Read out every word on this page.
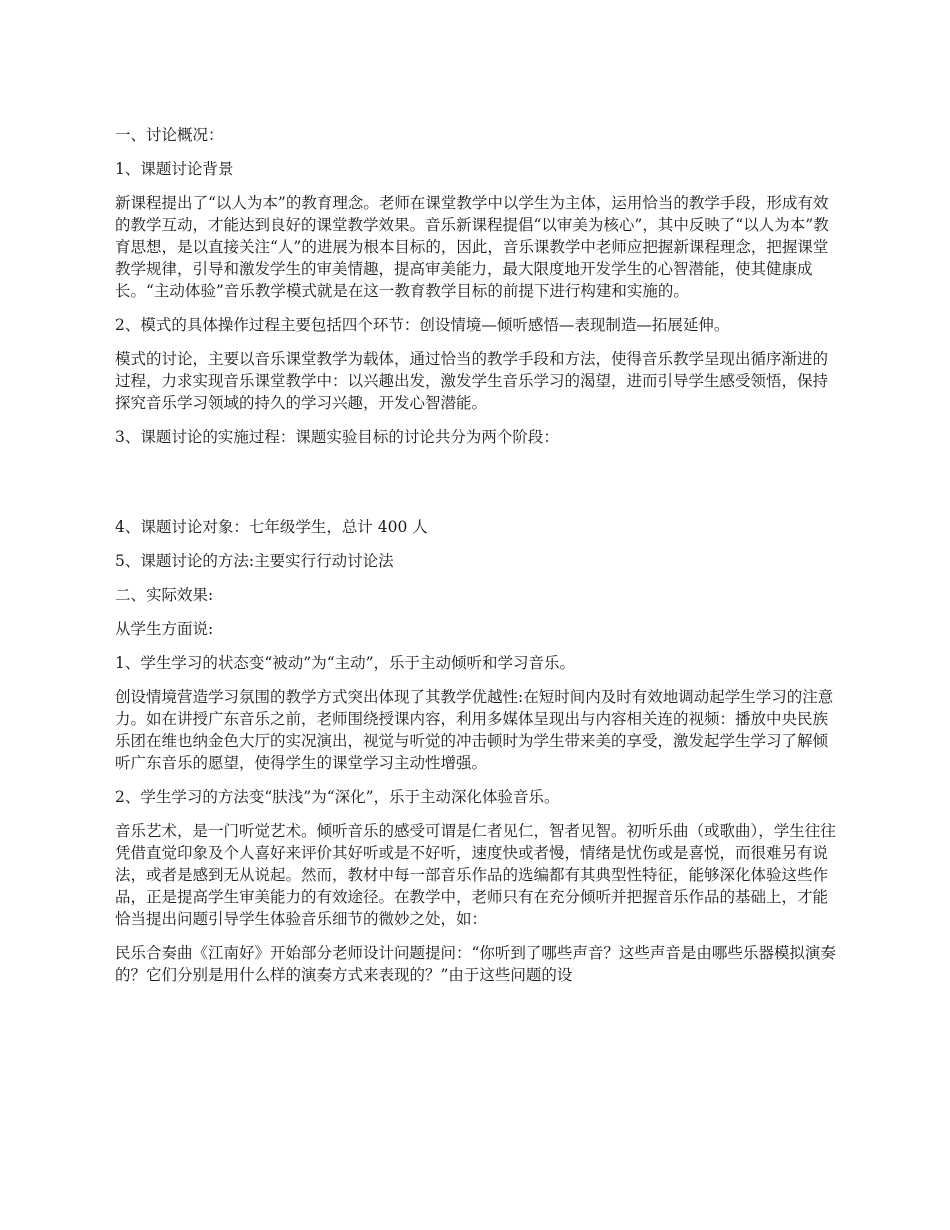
一、讨论概况：

1、课题讨论背景

新课程提出了“以人为本”的教育理念。老师在课堂教学中以学生为主体，运用恰当的教学手段，形成有效的教学互动，才能达到良好的课堂教学效果。音乐新课程提倡“以审美为核心”，其中反映了“以人为本”教育思想，是以直接关注“人”的进展为根本目标的，因此，音乐课教学中老师应把握新课程理念，把握课堂教学规律，引导和激发学生的审美情趣，提高审美能力，最大限度地开发学生的心智潜能，使其健康成长。“主动体验”音乐教学模式就是在这一教育教学目标的前提下进行构建和实施的。

2、模式的具体操作过程主要包括四个环节：创设情境—倾听感悟—表现制造—拓展延伸。

模式的讨论，主要以音乐课堂教学为载体，通过恰当的教学手段和方法，使得音乐教学呈现出循序渐进的过程，力求实现音乐课堂教学中：以兴趣出发，激发学生音乐学习的渴望，进而引导学生感受领悟，保持探究音乐学习领域的持久的学习兴趣，开发心智潜能。

3、课题讨论的实施过程：课题实验目标的讨论共分为两个阶段：

4、课题讨论对象：七年级学生，总计 400 人

5、课题讨论的方法:主要实行行动讨论法

二、实际效果:

从学生方面说:

1、学生学习的状态变“被动”为“主动”，乐于主动倾听和学习音乐。

创设情境营造学习氛围的教学方式突出体现了其教学优越性:在短时间内及时有效地调动起学生学习的注意力。如在讲授广东音乐之前，老师围绕授课内容，利用多媒体呈现出与内容相关连的视频：播放中央民族乐团在维也纳金色大厅的实况演出，视觉与听觉的冲击顿时为学生带来美的享受，激发起学生学习了解倾听广东音乐的愿望，使得学生的课堂学习主动性增强。

2、学生学习的方法变“肤浅”为“深化”，乐于主动深化体验音乐。

音乐艺术，是一门听觉艺术。倾听音乐的感受可谓是仁者见仁，智者见智。初听乐曲（或歌曲），学生往往凭借直觉印象及个人喜好来评价其好听或是不好听，速度快或者慢，情绪是忧伤或是喜悦，而很难另有说法，或者是感到无从说起。然而，教材中每一部音乐作品的选编都有其典型性特征，能够深化体验这些作品，正是提高学生审美能力的有效途径。在教学中，老师只有在充分倾听并把握音乐作品的基础上，才能恰当提出问题引导学生体验音乐细节的微妙之处，如：

民乐合奏曲《江南好》开始部分老师设计问题提问：“你听到了哪些声音？这些声音是由哪些乐器模拟演奏的？它们分别是用什么样的演奏方式来表现的？”由于这些问题的设
